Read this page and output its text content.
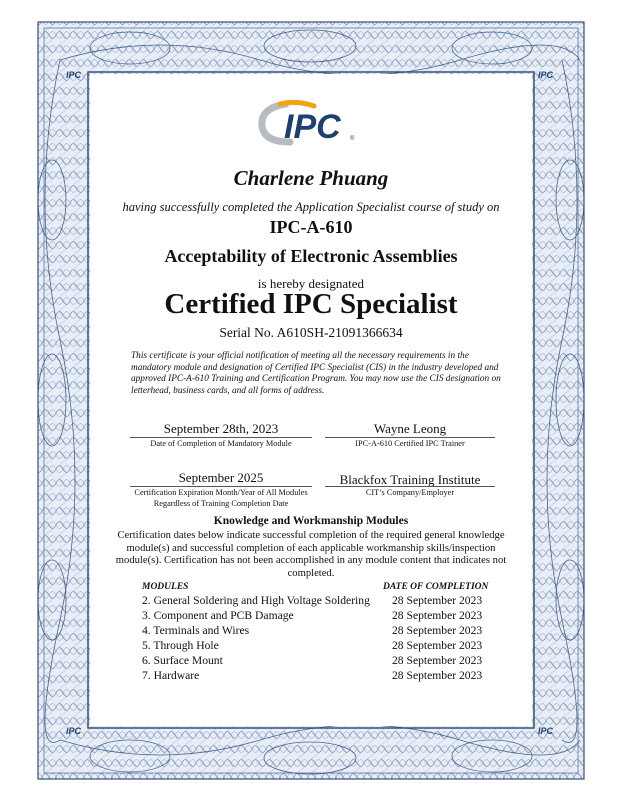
IPC	IPC
IPC	IPC
IPC ®
Charlene Phuang
having successfully completed the Application Specialist course of study on
IPC-A-610
Acceptability of Electronic Assemblies
is hereby designated
Certified IPC Specialist
Serial No. A610SH-21091366634
This certificate is your official notification of meeting all the necessary requirements in the mandatory module and designation of Certified IPC Specialist (CIS) in the industry developed and approved IPC-A-610 Training and Certification Program. You may now use the CIS designation on letterhead, business cards, and all forms of address.
September 28th, 2023
Date of Completion of Mandatory Module
Wayne Leong
IPC-A-610 Certified IPC Trainer
September 2025
Certification Expiration Month/Year of All Modules Regardless of Training Completion Date
Blackfox Training Institute
CIT’s Company/Employer
Knowledge and Workmanship Modules
Certification dates below indicate successful completion of the required general knowledge module(s) and successful completion of each applicable workmanship skills/inspection module(s). Certification has not been accomplished in any module content that indicates not completed.
MODULES	DATE OF COMPLETION
2. General Soldering and High Voltage Soldering 28 September 2023
3. Component and PCB Damage	28 September 2023
4. Terminals and Wires	28 September 2023
5. Through Hole	28 September 2023
6. Surface Mount	28 September 2023
7. Hardware	28 September 2023
